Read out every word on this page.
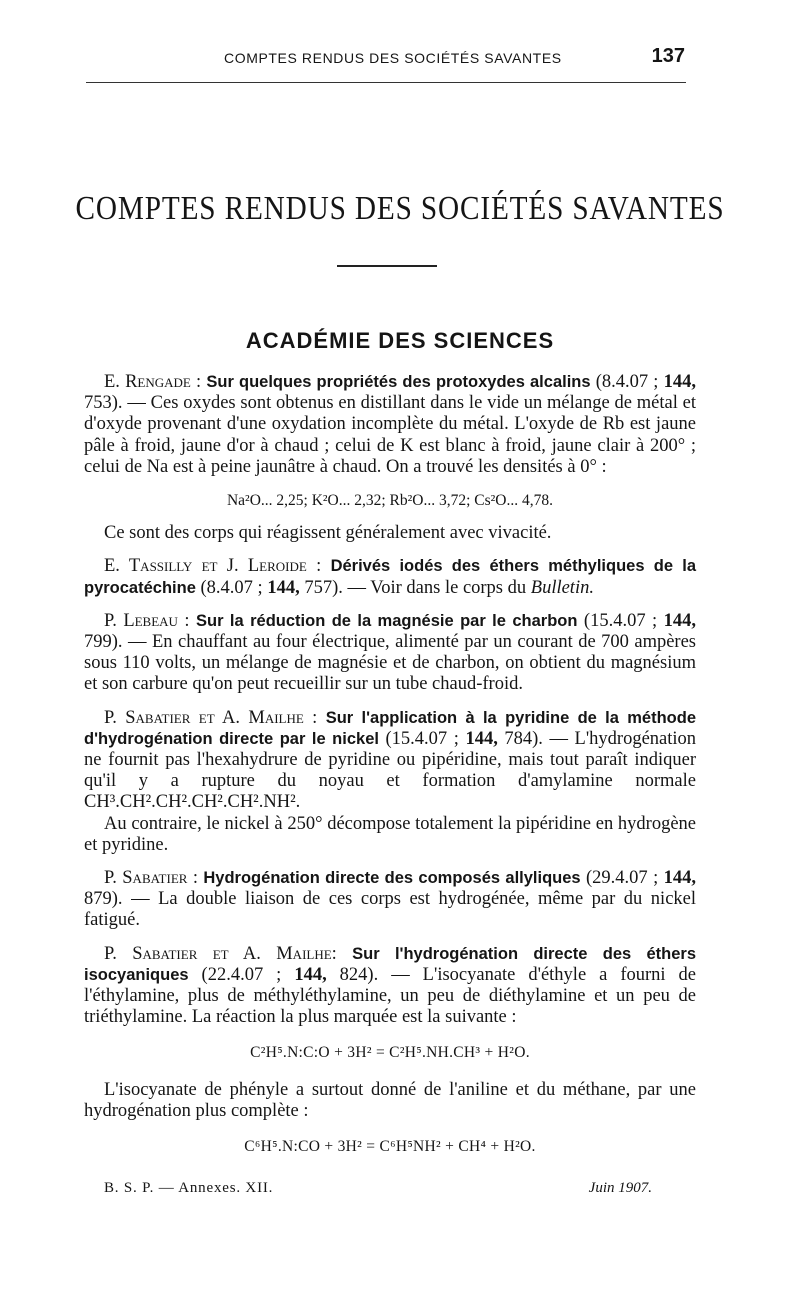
COMPTES RENDUS DES SOCIÉTÉS SAVANTES	137
COMPTES RENDUS DES SOCIÉTÉS SAVANTES
ACADÉMIE DES SCIENCES

E. Rengade : Sur quelques propriétés des protoxydes alcalins (8.4.07 ; 144, 753). — Ces oxydes sont obtenus en distillant dans le vide un mélange de métal et d'oxyde provenant d'une oxydation incomplète du métal. L'oxyde de Rb est jaune pâle à froid, jaune d'or à chaud ; celui de K est blanc à froid, jaune clair à 200° ; celui de Na est à peine jaunâtre à chaud. On a trouvé les densités à 0° :

Na²O... 2,25; K²O... 2,32; Rb²O... 3,72; Cs²O... 4,78.

Ce sont des corps qui réagissent généralement avec vivacité.

E. Tassilly et J. Leroide : Dérivés iodés des éthers méthyliques de la pyrocatéchine (8.4.07 ; 144, 757). — Voir dans le corps du Bulletin.

P. Lebeau : Sur la réduction de la magnésie par le charbon (15.4.07 ; 144, 799). — En chauffant au four électrique, alimenté par un courant de 700 ampères sous 110 volts, un mélange de magnésie et de charbon, on obtient du magnésium et son carbure qu'on peut recueillir sur un tube chaud-froid.

P. Sabatier et A. Mailhe : Sur l'application à la pyridine de la méthode d'hydrogénation directe par le nickel (15.4.07 ; 144, 784). — L'hydrogénation ne fournit pas l'hexahydrure de pyridine ou pipéridine, mais tout paraît indiquer qu'il y a rupture du noyau et formation d'amylamine normale CH³.CH².CH².CH².CH².NH².

Au contraire, le nickel à 250° décompose totalement la pipéridine en hydrogène et pyridine.

P. Sabatier : Hydrogénation directe des composés allyliques (29.4.07 ; 144, 879). — La double liaison de ces corps est hydrogénée, même par du nickel fatigué.

P. Sabatier et A. Mailhe: Sur l'hydrogénation directe des éthers isocyaniques (22.4.07 ; 144, 824). — L'isocyanate d'éthyle a fourni de l'éthylamine, plus de méthyléthylamine, un peu de diéthylamine et un peu de triéthylamine. La réaction la plus marquée est la suivante :

C²H⁵.N:C:O + 3H² = C²H⁵.NH.CH³ + H²O.

L'isocyanate de phényle a surtout donné de l'aniline et du méthane, par une hydrogénation plus complète :

C⁶H⁵.N:CO + 3H² = C⁶H⁵NH² + CH⁴ + H²O.

B. S. P. — Annexes. XII.	Juin 1907.
